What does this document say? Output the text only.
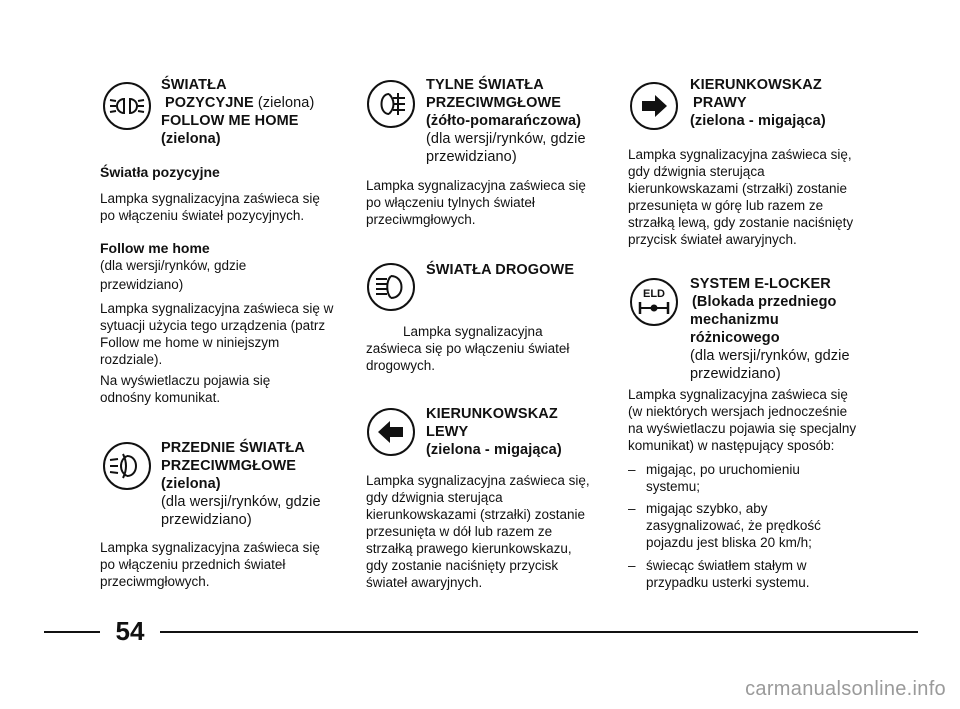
ŚWIATŁA
POZYCYJNE (zielona)
FOLLOW ME HOME
(zielona)
Światła pozycyjne
Lampka sygnalizacyjna zaświeca się
po włączeniu świateł pozycyjnych.
Follow me home
(dla wersji/rynków, gdzie
przewidziano)
Lampka sygnalizacyjna zaświeca się w
sytuacji użycia tego urządzenia (patrz
Follow me home w niniejszym
rozdziale).
Na wyświetlaczu pojawia się
odnośny komunikat.
PRZEDNIE ŚWIATŁA
PRZECIWMGŁOWE
(zielona)
(dla wersji/rynków, gdzie
przewidziano)
Lampka sygnalizacyjna zaświeca się
po włączeniu przednich świateł
przeciwmgłowych.
TYLNE ŚWIATŁA
PRZECIWMGŁOWE
(żółto-pomarańczowa)
(dla wersji/rynków, gdzie
przewidziano)
Lampka sygnalizacyjna zaświeca się
po włączeniu tylnych świateł
przeciwmgłowych.
ŚWIATŁA DROGOWE
Lampka sygnalizacyjna
zaświeca się po włączeniu świateł
drogowych.
KIERUNKOWSKAZ
LEWY
(zielona - migająca)
Lampka sygnalizacyjna zaświeca się,
gdy dźwignia sterująca
kierunkowskazami (strzałki) zostanie
przesunięta w dół lub razem ze
strzałką prawego kierunkowskazu,
gdy zostanie naciśnięty przycisk
świateł awaryjnych.
KIERUNKOWSKAZ
PRAWY
(zielona - migająca)
Lampka sygnalizacyjna zaświeca się,
gdy dźwignia sterująca
kierunkowskazami (strzałki) zostanie
przesunięta w górę lub razem ze
strzałką lewą, gdy zostanie naciśnięty
przycisk świateł awaryjnych.
ELD
SYSTEM E-LOCKER
(Blokada przedniego
mechanizmu
różnicowego
(dla wersji/rynków, gdzie
przewidziano)
Lampka sygnalizacyjna zaświeca się
(w niektórych wersjach jednocześnie
na wyświetlaczu pojawia się specjalny
komunikat) w następujący sposób:
– migając, po uruchomieniu
systemu;
– migając szybko, aby
zasygnalizować, że prędkość
pojazdu jest bliska 20 km/h;
– świecąc światłem stałym w
przypadku usterki systemu.
54
carmanualsonline.info
